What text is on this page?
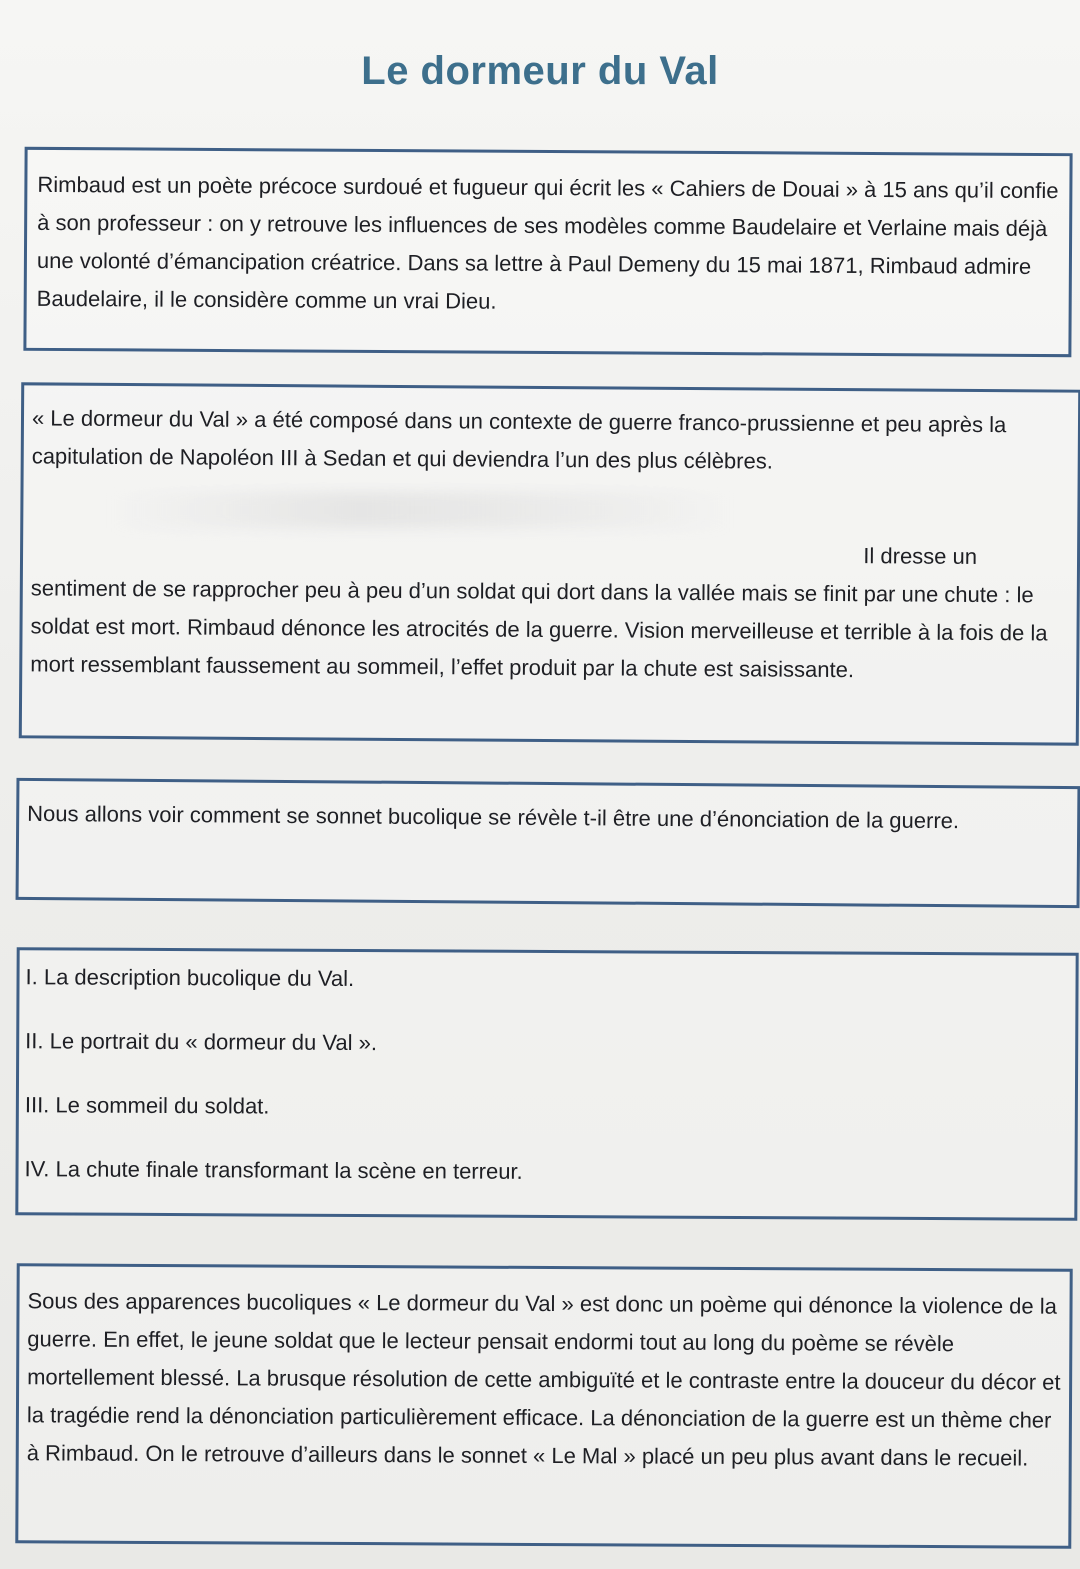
Le dormeur du Val

Rimbaud est un poète précoce surdoué et fugueur qui écrit les « Cahiers de Douai » à 15 ans qu’il confie à son professeur : on y retrouve les influences de ses modèles comme Baudelaire et Verlaine mais déjà une volonté d’émancipation créatrice. Dans sa lettre à Paul Demeny du 15 mai 1871, Rimbaud admire Baudelaire, il le considère comme un vrai Dieu.

« Le dormeur du Val » a été composé dans un contexte de guerre franco-prussienne et peu après la capitulation de Napoléon III à Sedan et qui deviendra l’un des plus célèbres.

Il dresse un
sentiment de se rapprocher peu à peu d’un soldat qui dort dans la vallée mais se finit par une chute : le soldat est mort. Rimbaud dénonce les atrocités de la guerre. Vision merveilleuse et terrible à la fois de la mort ressemblant faussement au sommeil, l’effet produit par la chute est saisissante.

Nous allons voir comment se sonnet bucolique se révèle t-il être une d’énonciation de la guerre.

I. La description bucolique du Val.

II. Le portrait du « dormeur du Val ».

III. Le sommeil du soldat.

IV. La chute finale transformant la scène en terreur.

Sous des apparences bucoliques « Le dormeur du Val » est donc un poème qui dénonce la violence de la guerre. En effet, le jeune soldat que le lecteur pensait endormi tout au long du poème se révèle mortellement blessé. La brusque résolution de cette ambiguïté et le contraste entre la douceur du décor et la tragédie rend la dénonciation particulièrement efficace. La dénonciation de la guerre est un thème cher à Rimbaud. On le retrouve d’ailleurs dans le sonnet « Le Mal » placé un peu plus avant dans le recueil.
